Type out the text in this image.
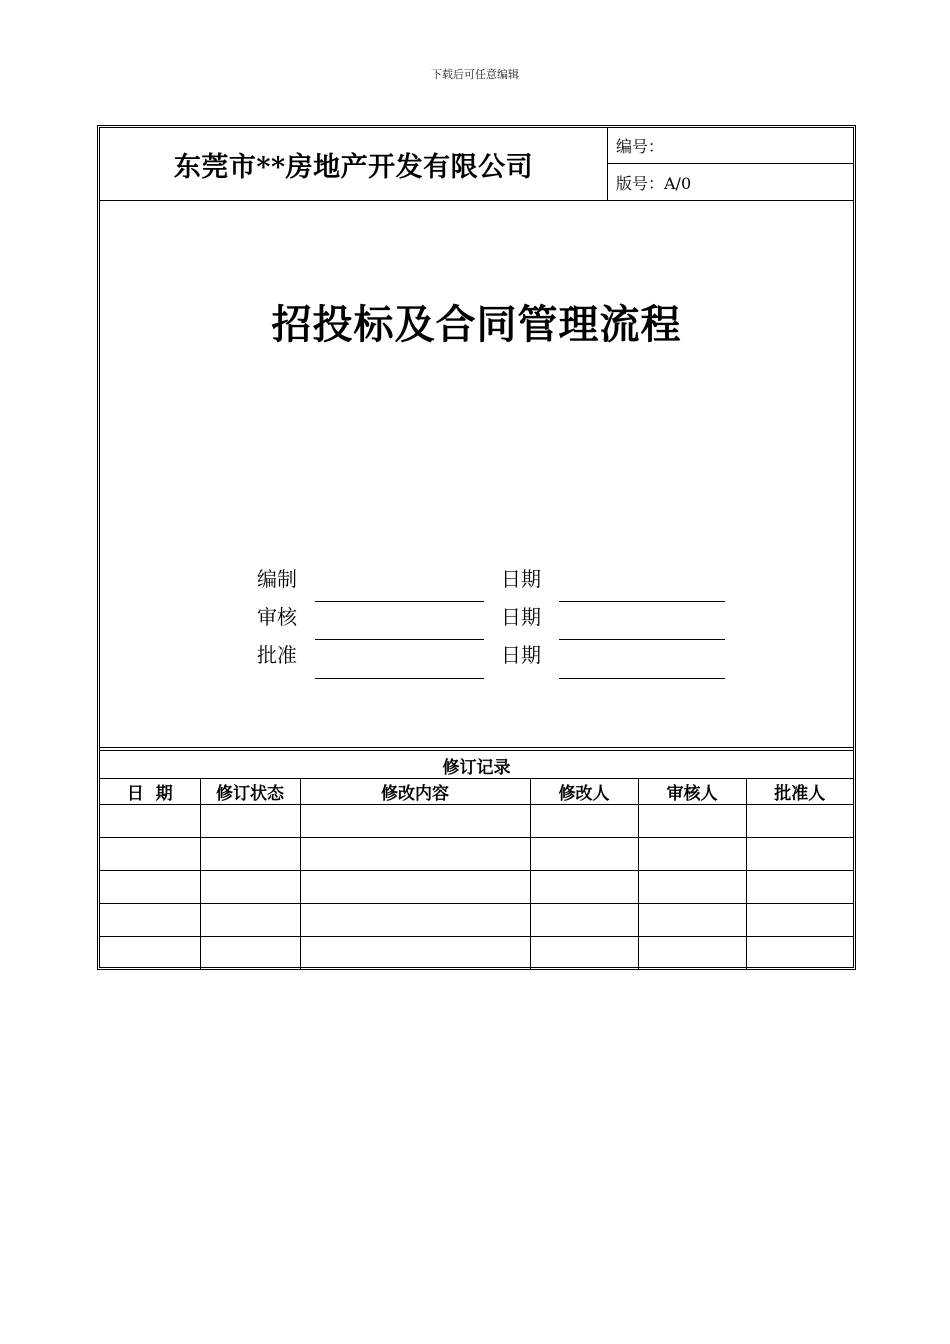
下载后可任意编辑
东莞市**房地产开发有限公司
编号：
版号：A/0
招投标及合同管理流程
编制	日期
审核	日期
批准	日期
修订记录					
日  期	修订状态	修改内容	修改人	审核人	批准人
